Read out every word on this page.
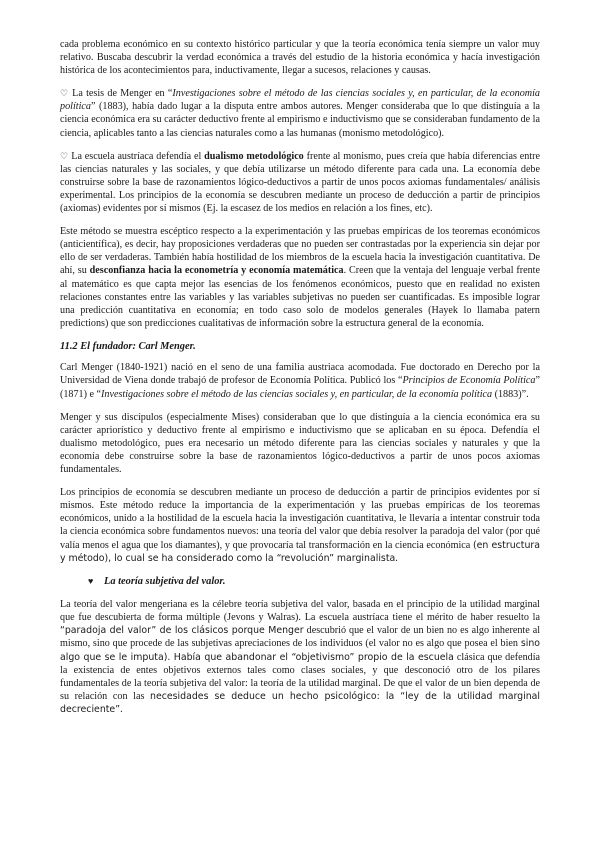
cada problema económico en su contexto histórico particular y que la teoría económica tenía siempre un valor muy relativo. Buscaba descubrir la verdad económica a través del estudio de la historia económica y hacía investigación histórica de los acontecimientos para, inductivamente, llegar a sucesos, relaciones y causas.

♡ La tesis de Menger en “Investigaciones sobre el método de las ciencias sociales y, en particular, de la economía política” (1883), había dado lugar a la disputa entre ambos autores. Menger consideraba que lo que distinguía a la ciencia económica era su carácter deductivo frente al empirismo e inductivismo que se consideraban fundamento de la ciencia, aplicables tanto a las ciencias naturales como a las humanas (monismo metodológico).

♡ La escuela austríaca defendía el dualismo metodológico frente al monismo, pues creía que había diferencias entre las ciencias naturales y las sociales, y que debía utilizarse un método diferente para cada una. La economía debe construirse sobre la base de razonamientos lógico-deductivos a partir de unos pocos axiomas fundamentales/ análisis experimental. Los principios de la economía se descubren mediante un proceso de deducción a partir de principios (axiomas) evidentes por sí mismos (Ej. la escasez de los medios en relación a los fines, etc).

Este método se muestra escéptico respecto a la experimentación y las pruebas empíricas de los teoremas económicos (anticientífica), es decir, hay proposiciones verdaderas que no pueden ser contrastadas por la experiencia sin dejar por ello de ser verdaderas. También había hostilidad de los miembros de la escuela hacia la investigación cuantitativa. De ahí, su desconfianza hacia la econometría y economía matemática. Creen que la ventaja del lenguaje verbal frente al matemático es que capta mejor las esencias de los fenómenos económicos, puesto que en realidad no existen relaciones constantes entre las variables y las variables subjetivas no pueden ser cuantificadas. Es imposible lograr una predicción cuantitativa en economía; en todo caso solo de modelos generales (Hayek lo llamaba patern predictions) que son predicciones cualitativas de información sobre la estructura general de la economía.

11.2 El fundador: Carl Menger.

Carl Menger (1840-1921) nació en el seno de una familia austriaca acomodada. Fue doctorado en Derecho por la Universidad de Viena donde trabajó de profesor de Economía Política. Publicó los “Principios de Economía Política” (1871) e “Investigaciones sobre el método de las ciencias sociales y, en particular, de la economía política (1883)”.

Menger y sus discípulos (especialmente Mises) consideraban que lo que distinguía a la ciencia económica era su carácter apriorístico y deductivo frente al empirismo e inductivismo que se aplicaban en su época. Defendía el dualismo metodológico, pues era necesario un método diferente para las ciencias sociales y naturales y que la economía debe construirse sobre la base de razonamientos lógico-deductivos a partir de unos pocos axiomas fundamentales.

Los principios de economía se descubren mediante un proceso de deducción a partir de principios evidentes por sí mismos. Este método reduce la importancia de la experimentación y las pruebas empíricas de los teoremas económicos, unido a la hostilidad de la escuela hacia la investigación cuantitativa, le llevaría a intentar construir toda la ciencia económica sobre fundamentos nuevos: una teoría del valor que debía resolver la paradoja del valor (por qué valía menos el agua que los diamantes), y que provocaría tal transformación en la ciencia económica (en estructura y método), lo cual se ha considerado como la “revolución” marginalista.

♥	La teoría subjetiva del valor.

La teoría del valor mengeriana es la célebre teoría subjetiva del valor, basada en el principio de la utilidad marginal que fue descubierta de forma múltiple (Jevons y Walras). La escuela austríaca tiene el mérito de haber resuelto la “paradoja del valor” de los clásicos porque Menger descubrió que el valor de un bien no es algo inherente al mismo, sino que procede de las subjetivas apreciaciones de los individuos (el valor no es algo que posea el bien sino algo que se le imputa). Había que abandonar el “objetivismo” propio de la escuela clásica que defendía la existencia de entes objetivos externos tales como clases sociales, y que desconoció otro de los pilares fundamentales de la teoría subjetiva del valor: la teoría de la utilidad marginal. De que el valor de un bien dependa de su relación con las necesidades se deduce un hecho psicológico: la “ley de la utilidad marginal decreciente”.
